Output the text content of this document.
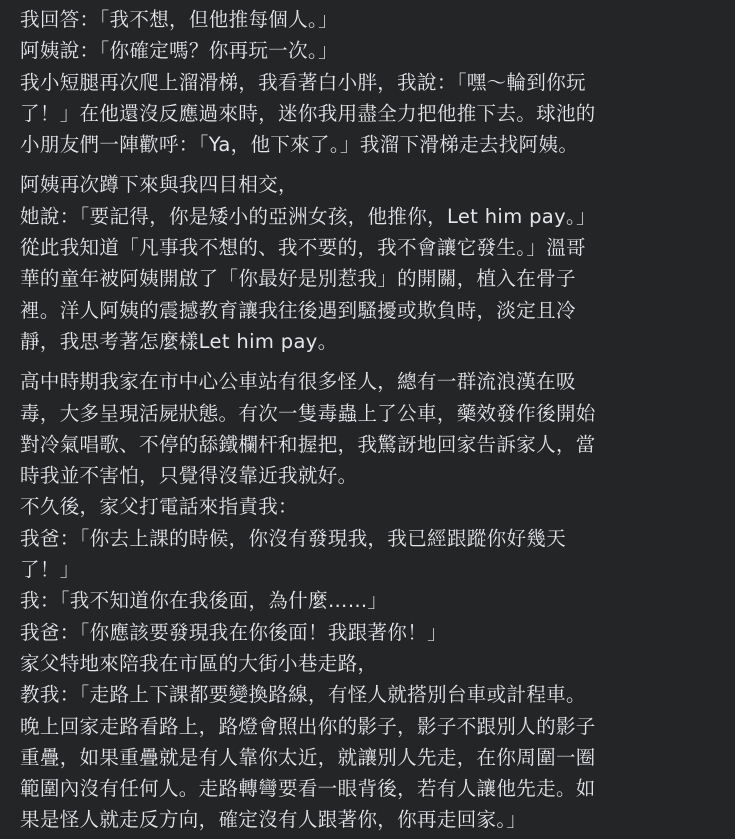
我回答：「我不想，但他推每個人。」
阿姨說：「你確定嗎？你再玩一次。」
我小短腿再次爬上溜滑梯，我看著白小胖，我說：「嘿～輪到你玩
了！」在他還沒反應過來時，迷你我用盡全力把他推下去。球池的
小朋友們一陣歡呼：「Ya，他下來了。」我溜下滑梯走去找阿姨。
阿姨再次蹲下來與我四目相交，
她說：「要記得，你是矮小的亞洲女孩，他推你，Let him pay。」
從此我知道「凡事我不想的、我不要的，我不會讓它發生。」溫哥
華的童年被阿姨開啟了「你最好是別惹我」的開關，植入在骨子
裡。洋人阿姨的震撼教育讓我往後遇到騷擾或欺負時，淡定且冷
靜，我思考著怎麼樣Let him pay。
高中時期我家在市中心公車站有很多怪人，總有一群流浪漢在吸
毒，大多呈現活屍狀態。有次一隻毒蟲上了公車，藥效發作後開始
對冷氣唱歌、不停的舔鐵欄杆和握把，我驚訝地回家告訴家人，當
時我並不害怕，只覺得沒靠近我就好。
不久後，家父打電話來指責我：
我爸：「你去上課的時候，你沒有發現我，我已經跟蹤你好幾天
了！」
我：「我不知道你在我後面，為什麼……」
我爸：「你應該要發現我在你後面！我跟著你！」
家父特地來陪我在市區的大街小巷走路，
教我：「走路上下課都要變換路線，有怪人就搭別台車或計程車。
晚上回家走路看路上，路燈會照出你的影子，影子不跟別人的影子
重疊，如果重疊就是有人靠你太近，就讓別人先走，在你周圍一圈
範圍內沒有任何人。走路轉彎要看一眼背後，若有人讓他先走。如
果是怪人就走反方向，確定沒有人跟著你，你再走回家。」
